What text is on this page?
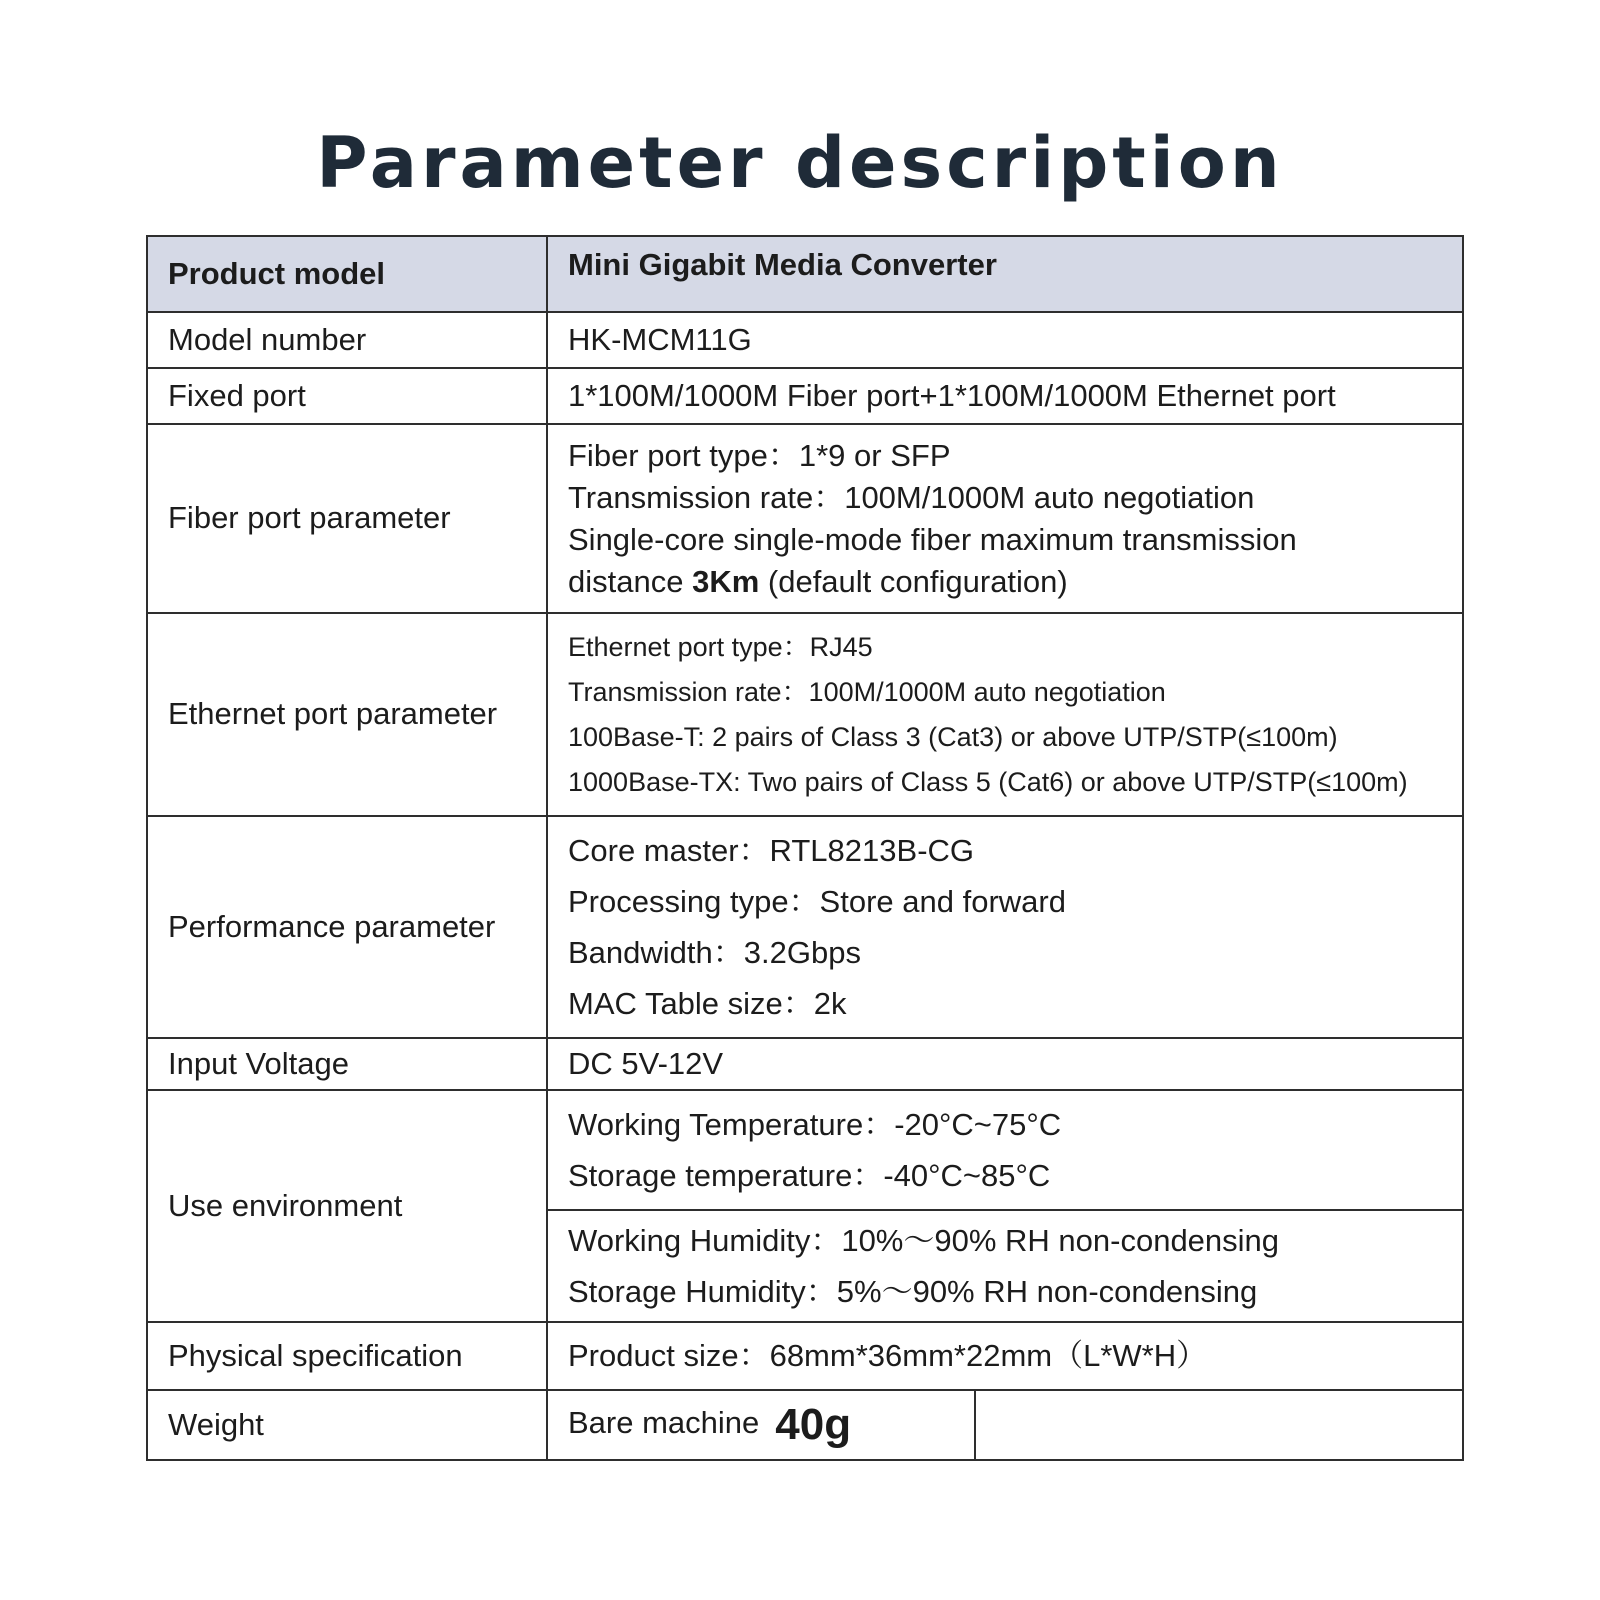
Parameter description
Product model	Mini Gigabit Media Converter	
Model number	HK-MCM11G	
Fixed port	1*100M/1000M Fiber port+1*100M/1000M Ethernet port	
Fiber port parameter	Fiber port type：1*9 or SFP
Transmission rate：100M/1000M auto negotiation
Single-core single-mode fiber maximum transmission
distance 3Km (default configuration)	

Ethernet port parameter	Ethernet port type：RJ45
Transmission rate：100M/1000M auto negotiation
100Base-T: 2 pairs of Class 3 (Cat3) or above UTP/STP(≤100m)
1000Base-TX: Two pairs of Class 5 (Cat6) or above UTP/STP(≤100m)	

Performance parameter	Core master：RTL8213B-CG
Processing type：Store and forward
Bandwidth：3.2Gbps
MAC Table size：2k	

Input Voltage	DC 5V-12V	
Use environment	Working Temperature：-20°C~75°C
Storage temperature：-40°C~85°C	

	Working Humidity：10%～90% RH non-condensing
Storage Humidity：5%～90% RH non-condensing	

Physical specification	Product size：68mm*36mm*22mm（L*W*H）	
Weight	Bare machine 40g	
